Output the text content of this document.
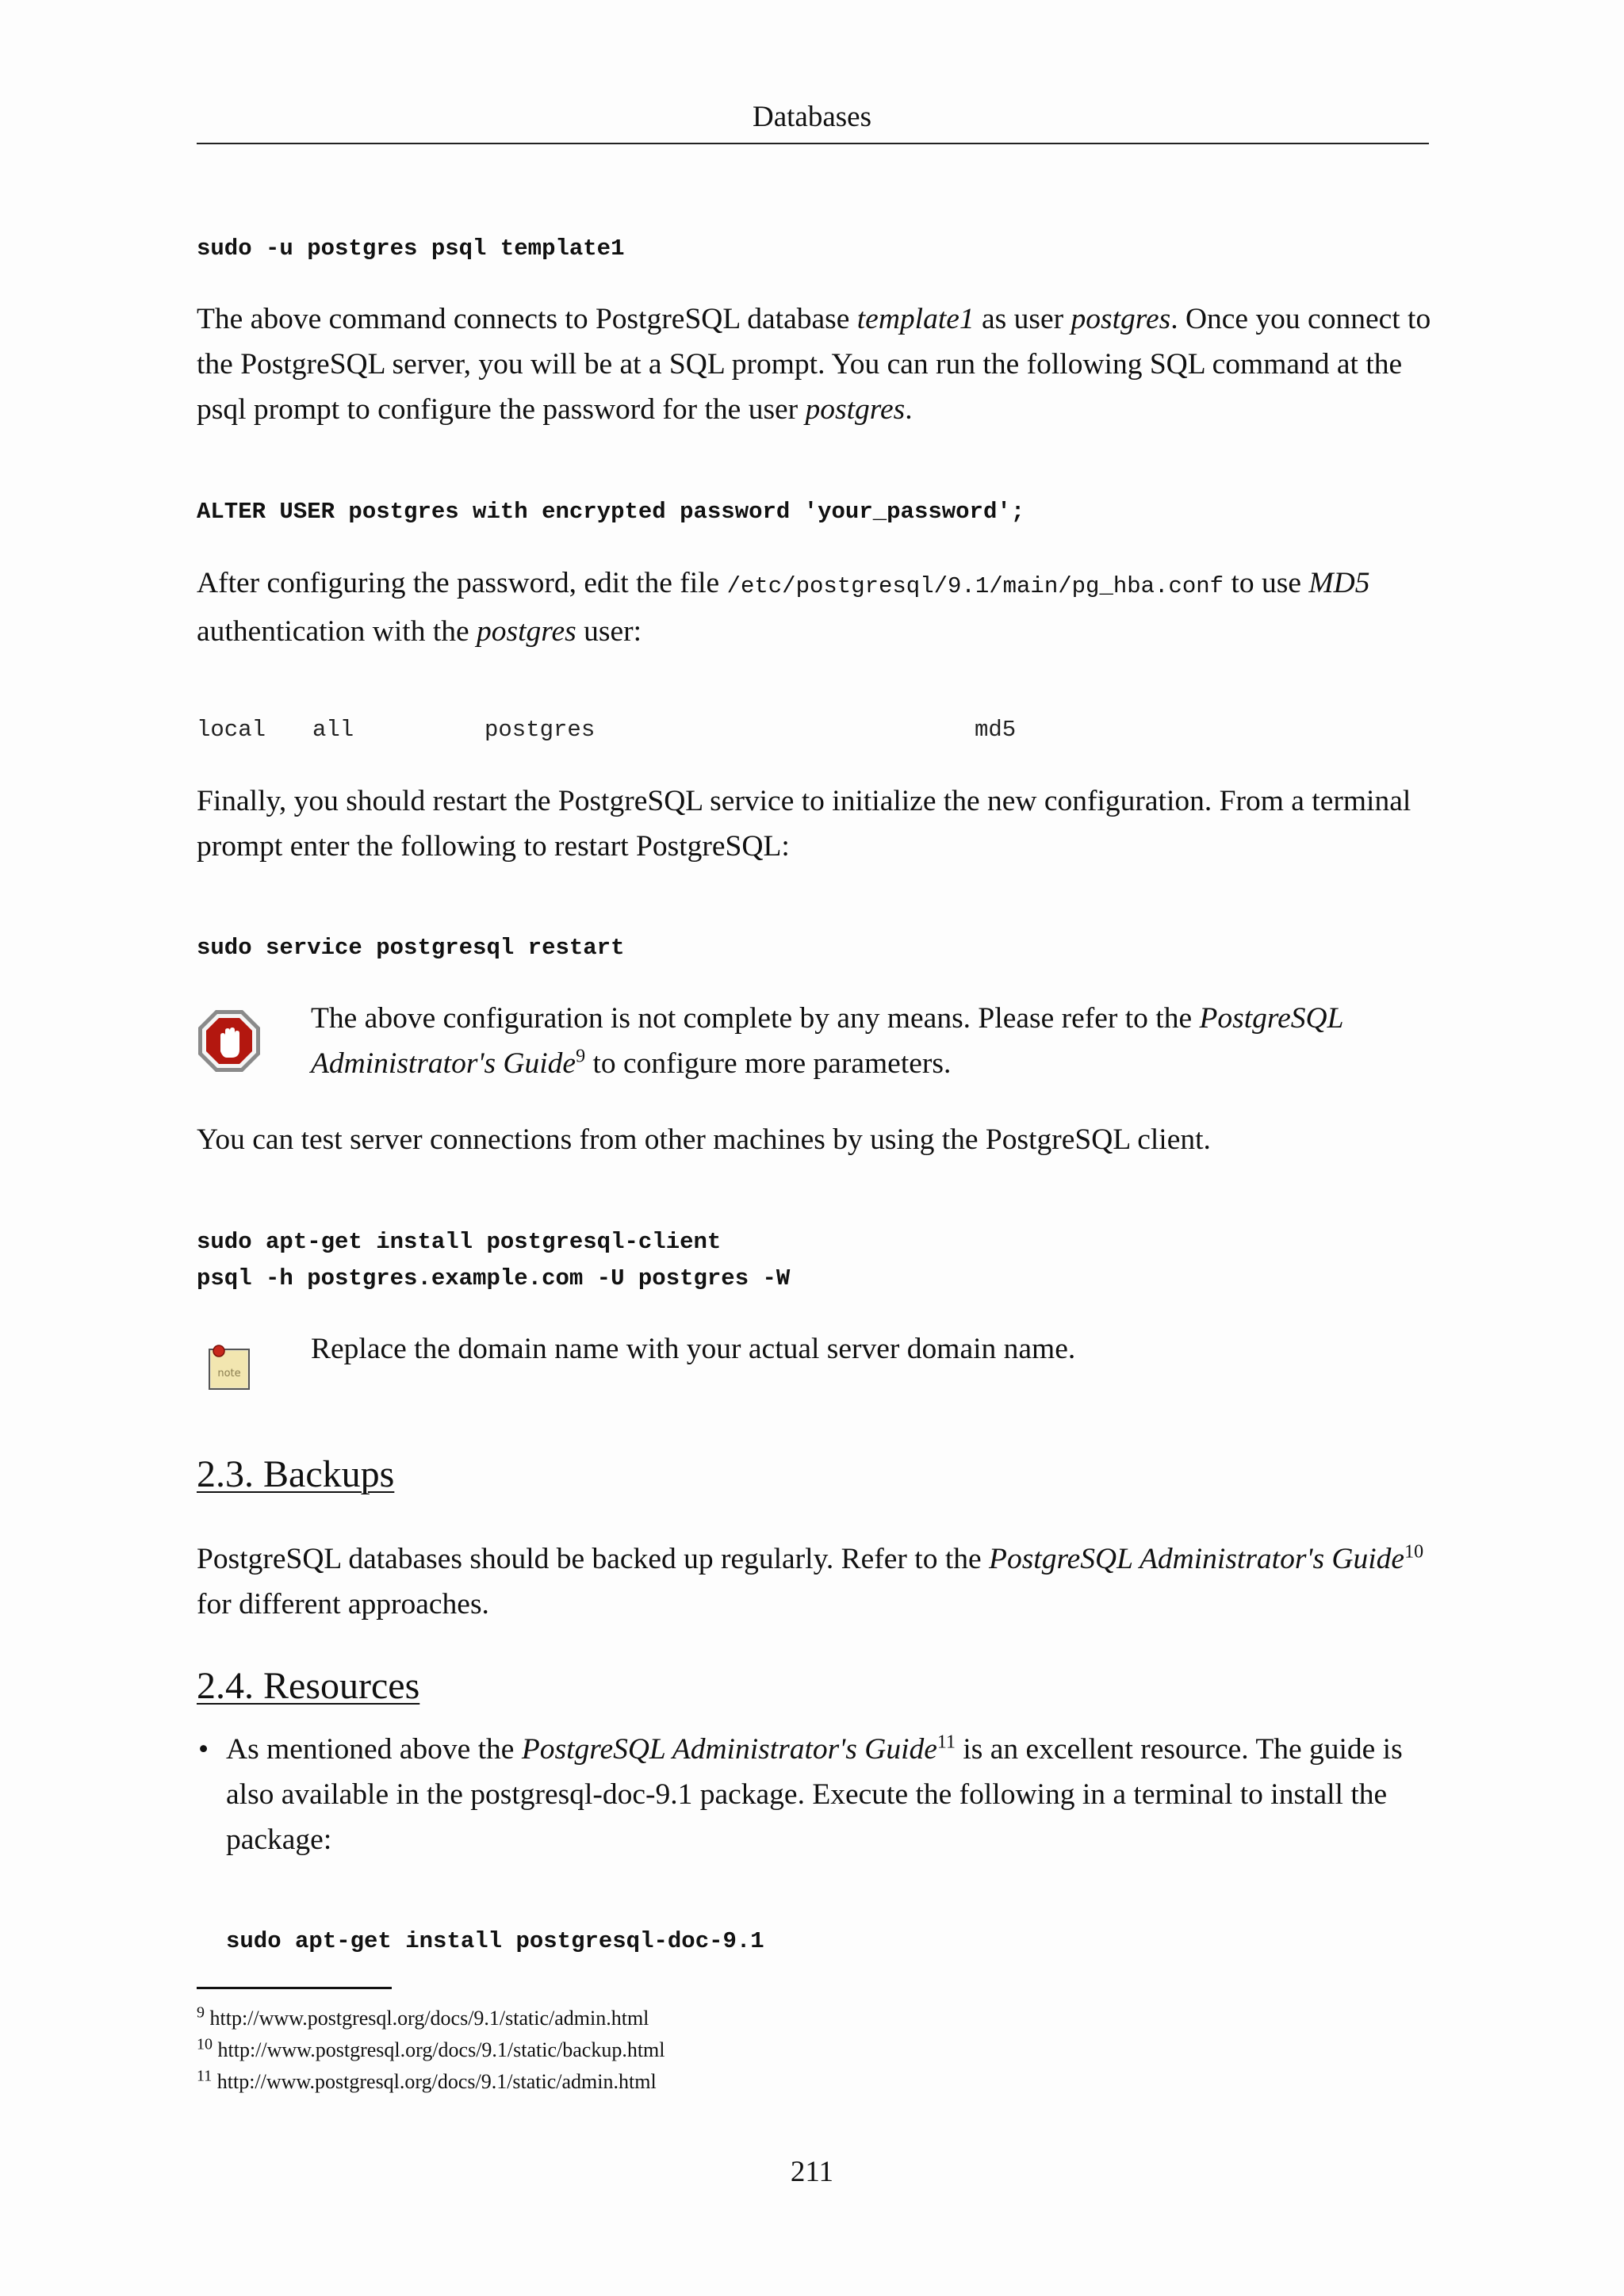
Databases
sudo -u postgres psql template1
The above command connects to PostgreSQL database template1 as user postgres. Once you connect to the PostgreSQL server, you will be at a SQL prompt. You can run the following SQL command at the psql prompt to configure the password for the user postgres.
ALTER USER postgres with encrypted password 'your_password';
After configuring the password, edit the file /etc/postgresql/9.1/main/pg_hba.conf to use MD5 authentication with the postgres user:
local all	postgres	md5
Finally, you should restart the PostgreSQL service to initialize the new configuration. From a terminal prompt enter the following to restart PostgreSQL:
sudo service postgresql restart
The above configuration is not complete by any means. Please refer to the PostgreSQL Administrator's Guide$^9$ to configure more parameters.
You can test server connections from other machines by using the PostgreSQL client.
sudo apt-get install postgresql-client
psql -h postgres.example.com -U postgres -W
note
Replace the domain name with your actual server domain name.
2.3. Backups
PostgreSQL databases should be backed up regularly. Refer to the PostgreSQL Administrator's Guide$^{10}$ for different approaches.
2.4. Resources
• As mentioned above the PostgreSQL Administrator's Guide$^{11}$ is an excellent resource. The guide is also available in the postgresql-doc-9.1 package. Execute the following in a terminal to install the package:
sudo apt-get install postgresql-doc-9.1
$^9$ http://www.postgresql.org/docs/9.1/static/admin.html
$^{10}$ http://www.postgresql.org/docs/9.1/static/backup.html
$^{11}$ http://www.postgresql.org/docs/9.1/static/admin.html
211
